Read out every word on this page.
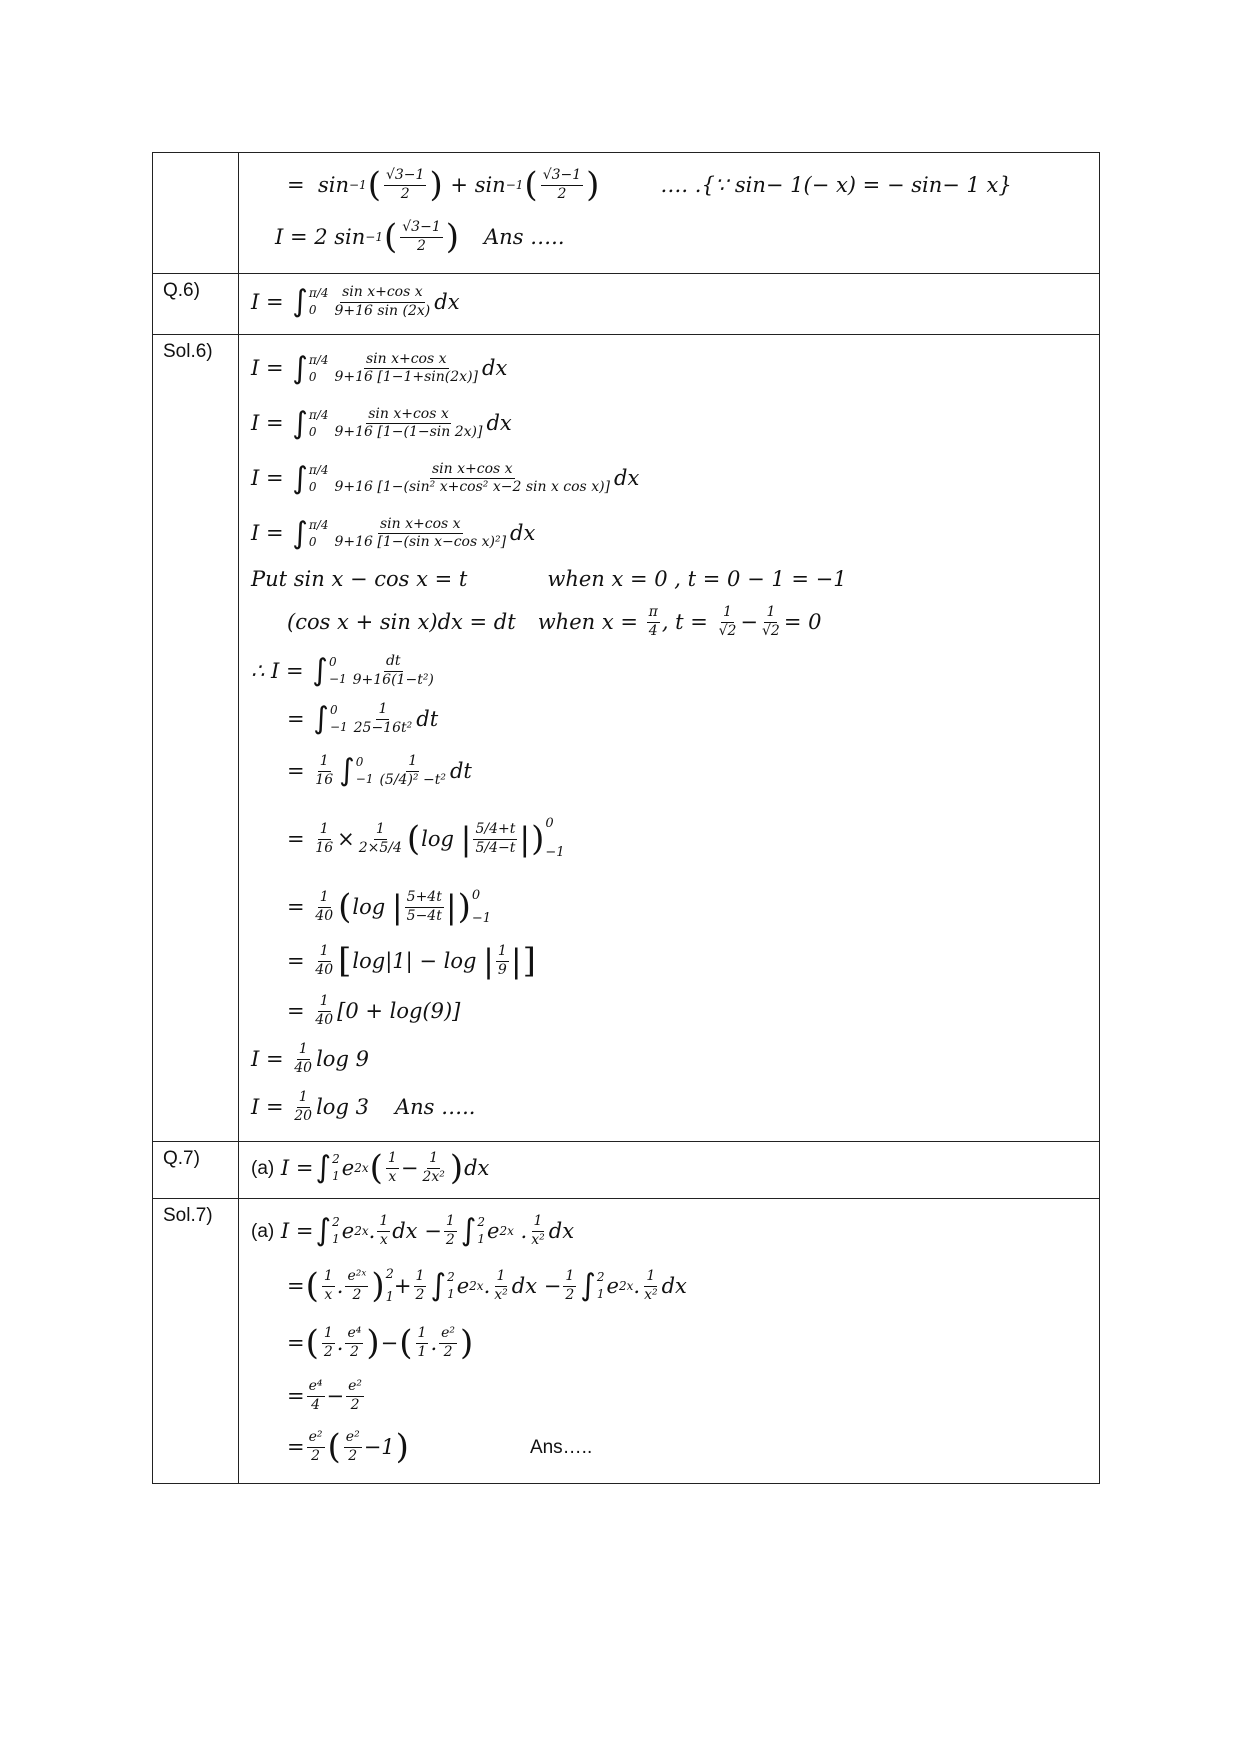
=
sin −1 ( $\frac{√3-1}{2}$ )
+
sin −1 ( $\frac{√3-1}{2}$ )	…. .{∵ sin− 1(− x) = − sin− 1 x}
I = 2 sin −1 ( $\frac{√3-1}{2}$ ) Ans …..
Q.6)	I =
∫ π/4
0	$\frac{\text{sin x+cos x}}{9+16 \sin (2x)}$ dx
Sol.6)
I =
∫ π/4
0	$\frac{\text{sin x+cos x}}{9+16 [1-1+\sin(2x)]}$ dx
I =
∫ π/4
0	$\frac{\text{sin x+cos x}}{9+16 [1-(1-\sin 2x)]}$ dx
I =
∫ π/4
0	$\frac{\text{sin x+cos x}}{\text{9+16 [1−(sin² x+cos² x−2 sin x cos x)]}}$ dx
I =
∫ π/4
0	$\frac{\text{sin x+cos x}}{\text{9+16 [1−(sin x−cos x)²]}}$ dx
Put sin x − cos x = t	when x = 0 , t = 0 − 1 = −1
(cos x + sin x)dx = dt when x =
$\frac{\pi}{4}$ , t =
$\frac{1}{√2} - \frac{1}{√2} = 0$
∴ I =
∫ 0
$-1 \frac{dt}{\text{9+16(1−t²)}}$
=
∫ 0
$-1 \frac{1}{\text{25−16t²}}$ dt
=
$\frac{1}{16}$ ∫ 0
$-1 \frac{1}{\text{(5/4)² −t²}}$ dt
=
$\frac{1}{16} \times \frac{1}{2\times 5/4}$ ( log
| $\frac{5/4+t}{5/4-t}$ | ) 0
−1
=
$\frac{1}{40}$ ( log
| $\frac{5+4t}{5-4t}$ | ) 0
−1
=
$\frac{1}{40}$ [ log|1| − log
| $\frac{1}{9}$ | ]
=
$\frac{1}{40} [0 + \log(9)]$
I =
$\frac{1}{40}$ log 9
I =
$\frac{1}{20}$ log 3 Ans …..
Q.7)	(a)
I = ∫ 2
1 e 2x ( $\frac{1}{x} - \frac{1}{\text{2x²}}$ ) dx
Sol.7)
(a)
I = ∫ 2
1 e 2x . $\frac{1}{x}$ dx − $\frac{1}{2}$ ∫ 2
1 e 2x
. $\frac{1}{\text{x²}}$ dx
= ( $\frac{1}{x}$ . $\frac{\text{e²ˣ}}{2}$ ) 2
$1 + \frac{1}{2}$ ∫ 2
1 e 2x . $\frac{1}{\text{x²}}$ dx − $\frac{1}{2}$ ∫ 2
1 e 2x . $\frac{1}{\text{x²}}$ dx
= ( $\frac{1}{2}$ . $\frac{\text{e⁴}}{2}$ ) − ( $\frac{1}{1}$ . $\frac{\text{e²}}{2}$ )
= $\frac{\text{e⁴}}{4} - \frac{\text{e²}}{2}$
= $\frac{\text{e²}}{2}$ ( $\frac{\text{e²}}{2} - 1$ )	Ans…..
